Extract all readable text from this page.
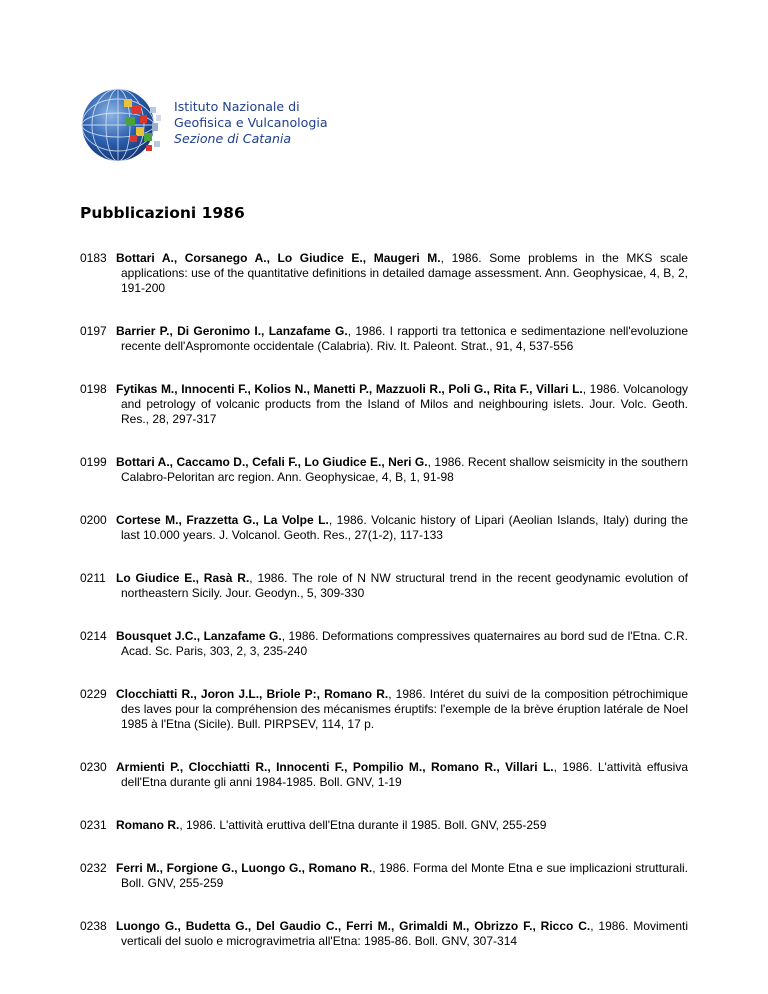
Istituto Nazionale di
Geofisica e Vulcanologia
Sezione di Catania
Pubblicazioni 1986

0183 Bottari A., Corsanego A., Lo Giudice E., Maugeri M., 1986. Some problems in the MKS scale applications: use of the quantitative definitions in detailed damage assessment. Ann. Geophysicae, 4, B, 2, 191-200

0197 Barrier P., Di Geronimo I., Lanzafame G., 1986. I rapporti tra tettonica e sedimentazione nell'evoluzione recente dell'Aspromonte occidentale (Calabria). Riv. It. Paleont. Strat., 91, 4, 537-556

0198 Fytikas M., Innocenti F., Kolios N., Manetti P., Mazzuoli R., Poli G., Rita F., Villari L., 1986. Volcanology and petrology of volcanic products from the Island of Milos and neighbouring islets. Jour. Volc. Geoth. Res., 28, 297-317

0199 Bottari A., Caccamo D., Cefali F., Lo Giudice E., Neri G., 1986. Recent shallow seismicity in the southern Calabro-Peloritan arc region. Ann. Geophysicae, 4, B, 1, 91-98

0200 Cortese M., Frazzetta G., La Volpe L., 1986. Volcanic history of Lipari (Aeolian Islands, Italy) during the last 10.000 years. J. Volcanol. Geoth. Res., 27(1-2), 117-133

0211 Lo Giudice E., Rasà R., 1986. The role of N NW structural trend in the recent geodynamic evolution of northeastern Sicily. Jour. Geodyn., 5, 309-330

0214 Bousquet J.C., Lanzafame G., 1986. Deformations compressives quaternaires au bord sud de l'Etna. C.R. Acad. Sc. Paris, 303, 2, 3, 235-240

0229 Clocchiatti R., Joron J.L., Briole P:, Romano R., 1986. Intéret du suivi de la composition pétrochimique des laves pour la compréhension des mécanismes éruptifs: l'exemple de la brève éruption latérale de Noel 1985 à l'Etna (Sicile). Bull. PIRPSEV, 114, 17 p.

0230 Armienti P., Clocchiatti R., Innocenti F., Pompilio M., Romano R., Villari L., 1986. L'attività effusiva dell'Etna durante gli anni 1984-1985. Boll. GNV, 1-19

0231 Romano R., 1986. L'attività eruttiva dell'Etna durante il 1985. Boll. GNV, 255-259

0232 Ferri M., Forgione G., Luongo G., Romano R., 1986. Forma del Monte Etna e sue implicazioni strutturali. Boll. GNV, 255-259

0238 Luongo G., Budetta G., Del Gaudio C., Ferri M., Grimaldi M., Obrizzo F., Ricco C., 1986. Movimenti verticali del suolo e microgravimetria all'Etna: 1985-86. Boll. GNV, 307-314
